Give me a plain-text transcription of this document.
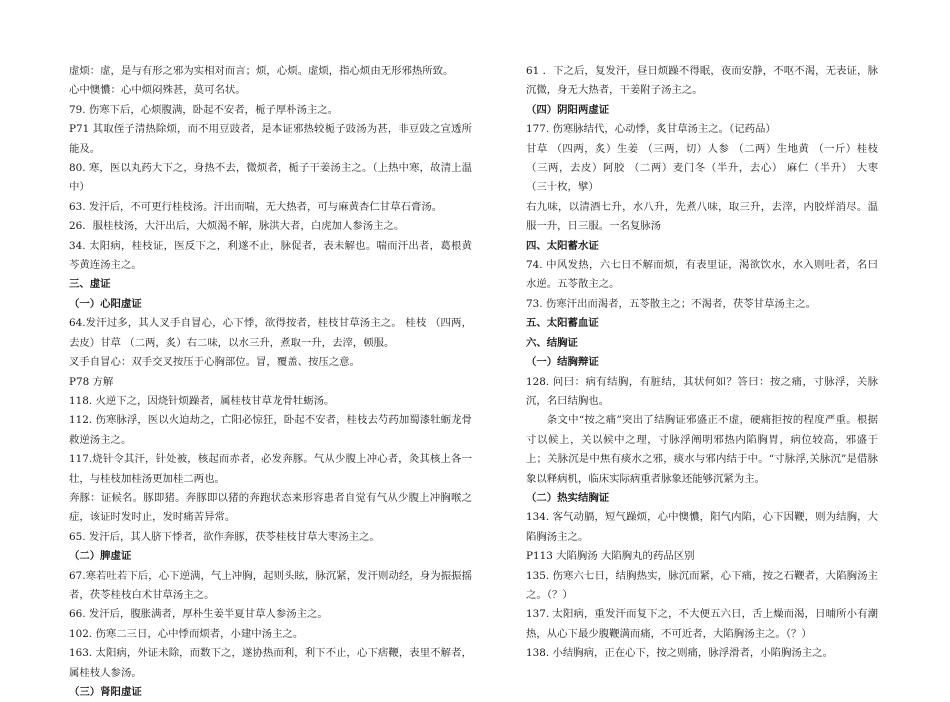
虚烦：虚，是与有形之邪为实相对而言；烦，心烦。虚烦，指心烦由无形邪热所致。

心中懊憹：心中烦闷殊甚，莫可名状。

79. 伤寒下后，心烦腹满，卧起不安者，栀子厚朴汤主之。

P71 其取侄子清热除烦，而不用豆豉者，是本证邪热较栀子豉汤为甚，非豆豉之宣透所能及。

80. 寒，医以丸药大下之，身热不去，微烦者，栀子干姜汤主之。（上热中寒，故清上温中）

63. 发汗后，不可更行桂枝汤。汗出而喘，无大热者，可与麻黄杏仁甘草石膏汤。

26．服桂枝汤，大汗出后，大烦渴不解，脉洪大者，白虎加人参汤主之。

34. 太阳病，桂枝证，医反下之，利遂不止，脉促者，表未解也。喘而汗出者，葛根黄芩黄连汤主之。

三、虚证

（一）心阳虚证

64.发汗过多，其人叉手自冒心，心下悸，欲得按者，桂枝甘草汤主之。 桂枝 （四两，去皮）甘草 （二两，炙）右二味，以水三升，煮取一升，去滓，顿服。

叉手自冒心：双手交叉按压于心胸部位。冒，覆盖、按压之意。

P78 方解

118. 火逆下之，因烧针烦躁者，属桂枝甘草龙骨牡蛎汤。

112. 伤寒脉浮，医以火迫劫之，亡阳必惊狂，卧起不安者，桂枝去芍药加蜀漆牡蛎龙骨救逆汤主之。

117.烧针令其汗，针处被，核起而赤者，必发奔豚。气从少腹上冲心者，灸其核上各一壮，与桂枝加桂汤更加桂二两也。

奔豚：证候名。豚即猪。奔豚即以猪的奔跑状态来形容患者自觉有气从少腹上冲胸喉之症，该证时发时止，发时痛苦异常。

65. 发汗后，其人脐下悸者，欲作奔豚，茯苓桂枝甘草大枣汤主之。

（二）脾虚证

67.寒若吐若下后，心下逆满，气上冲胸，起则头眩，脉沉紧，发汗则动经，身为振振摇者，茯苓桂枝白术甘草汤主之。

66. 发汗后，腹胀满者，厚朴生姜半夏甘草人参汤主之。

102. 伤寒二三日，心中悸而烦者，小建中汤主之。

163. 太阳病，外证未除，而数下之，遂协热而利，利下不止，心下痞鞭，表里不解者，属桂枝人参汤。

（三）肾阳虚证

61 ．下之后，复发汗，昼日烦躁不得眠，夜而安静，不呕不渴，无表证，脉沉微，身无大热者，干姜附子汤主之。

（四）阴阳两虚证

177. 伤寒脉结代，心动悸，炙甘草汤主之。（记药品）

甘草 （四两，炙）生姜 （三两，切）人参 （二两）生地黄 （一斤）桂枝 （三两，去皮）阿胶 （二两）麦门冬（半升，去心） 麻仁（半升） 大枣 （三十枚，擘）

右九味，以清酒七升，水八升，先煮八味，取三升，去滓，内胶烊消尽。温服一升，日三服。一名复脉汤

四、太阳蓄水证

74. 中风发热，六七日不解而烦，有表里证，渴欲饮水，水入则吐者，名曰水逆。五苓散主之。

73. 伤寒汗出而渴者，五苓散主之；不渴者，茯苓甘草汤主之。

五、太阳蓄血证

六、结胸证

（一）结胸辩证

128. 问曰：病有结胸，有脏结，其状何如？答曰：按之痛，寸脉浮，关脉沉，名曰结胸也。

条文中“按之痛”突出了结胸证邪盛正不虚，硬痛拒按的程度严重。根据寸以候上，关以候中之理，寸脉浮阐明邪热内陷胸胃，病位较高，邪盛于上；关脉沉是中焦有痰水之邪，痰水与邪内结于中。“寸脉浮,关脉沉”是借脉象以释病机，临床实际病重者脉象还能够沉紧为主。

（二）热实结胸证

134. 客气动膈，短气躁烦，心中懊憹，阳气内陷，心下因鞭，则为结胸，大陷胸汤主之。

P113 大陷胸汤 大陷胸丸的药品区别

135. 伤寒六七日，结胸热实，脉沉而紧，心下痛，按之石鞭者，大陷胸汤主之。（？）

137. 太阳病，重发汗而复下之，不大便五六日，舌上燥而渴，日晡所小有潮热，从心下最少腹鞭满而痛，不可近者，大陷胸汤主之。（？）

138. 小结胸病，正在心下，按之则痛，脉浮滑者，小陷胸汤主之。
